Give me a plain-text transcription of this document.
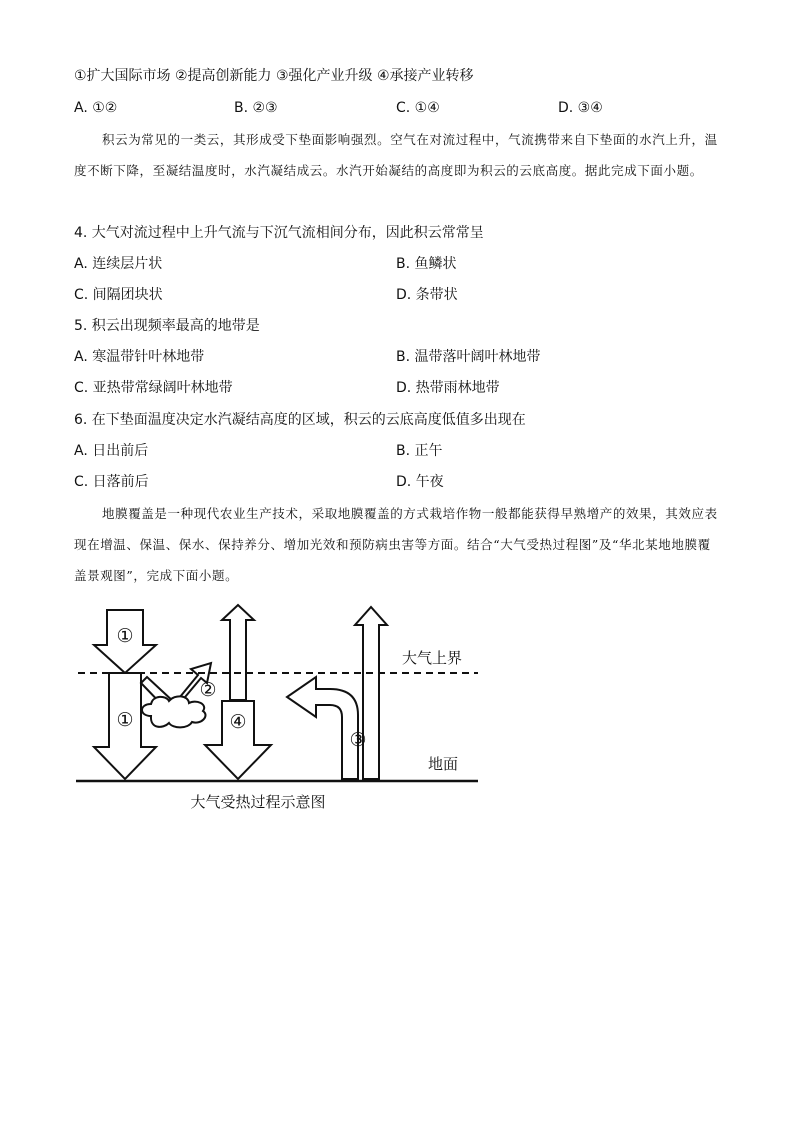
①扩大国际市场 ②提高创新能力 ③强化产业升级 ④承接产业转移
A. ①②	B. ②③	C. ①④	D. ③④
积云为常见的一类云，其形成受下垫面影响强烈。空气在对流过程中，气流携带来自下垫面的水汽上升，温度不断下降，至凝结温度时，水汽凝结成云。水汽开始凝结的高度即为积云的云底高度。据此完成下面小题。
4. 大气对流过程中上升气流与下沉气流相间分布，因此积云常常呈
A. 连续层片状	B. 鱼鳞状
C. 间隔团块状	D. 条带状
5. 积云出现频率最高的地带是
A. 寒温带针叶林地带	B. 温带落叶阔叶林地带
C. 亚热带常绿阔叶林地带	D. 热带雨林地带
6. 在下垫面温度决定水汽凝结高度的区域，积云的云底高度低值多出现在
A. 日出前后	B. 正午
C. 日落前后	D. 午夜
地膜覆盖是一种现代农业生产技术，采取地膜覆盖的方式栽培作物一般都能获得早熟增产的效果，其效应表现在增温、保温、保水、保持养分、增加光效和预防病虫害等方面。结合“大气受热过程图”及“华北某地地膜覆盖景观图”，完成下面小题。
①
①
②
④
③
大气上界
地面
大气受热过程示意图
